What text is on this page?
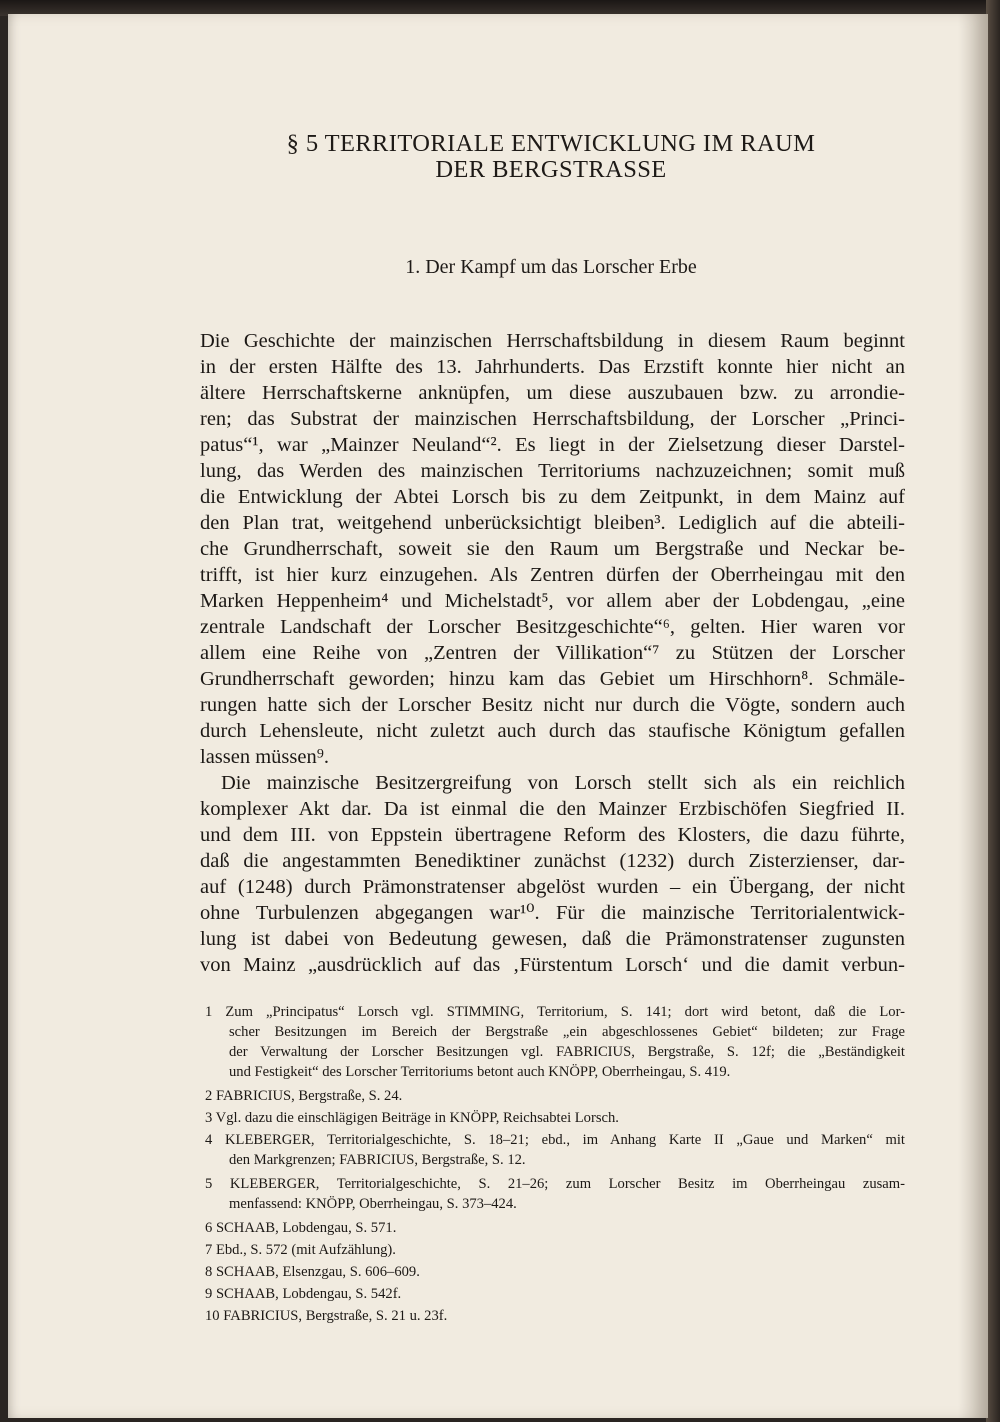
§ 5 TERRITORIALE ENTWICKLUNG IM RAUM
DER BERGSTRASSE
1. Der Kampf um das Lorscher Erbe
Die Geschichte der mainzischen Herrschaftsbildung in diesem Raum beginnt
in der ersten Hälfte des 13. Jahrhunderts. Das Erzstift konnte hier nicht an
ältere Herrschaftskerne anknüpfen, um diese auszubauen bzw. zu arrondie-
ren; das Substrat der mainzischen Herrschaftsbildung, der Lorscher „Princi-
patus“¹, war „Mainzer Neuland“². Es liegt in der Zielsetzung dieser Darstel-
lung, das Werden des mainzischen Territoriums nachzuzeichnen; somit muß
die Entwicklung der Abtei Lorsch bis zu dem Zeitpunkt, in dem Mainz auf
den Plan trat, weitgehend unberücksichtigt bleiben³. Lediglich auf die abteili-
che Grundherrschaft, soweit sie den Raum um Bergstraße und Neckar be-
trifft, ist hier kurz einzugehen. Als Zentren dürfen der Oberrheingau mit den
Marken Heppenheim⁴ und Michelstadt⁵, vor allem aber der Lobdengau, „eine
zentrale Landschaft der Lorscher Besitzgeschichte“⁶, gelten. Hier waren vor
allem eine Reihe von „Zentren der Villikation“⁷ zu Stützen der Lorscher
Grundherrschaft geworden; hinzu kam das Gebiet um Hirschhorn⁸. Schmäle-
rungen hatte sich der Lorscher Besitz nicht nur durch die Vögte, sondern auch
durch Lehensleute, nicht zuletzt auch durch das staufische Königtum gefallen
lassen müssen⁹.
Die mainzische Besitzergreifung von Lorsch stellt sich als ein reichlich
komplexer Akt dar. Da ist einmal die den Mainzer Erzbischöfen Siegfried II.
und dem III. von Eppstein übertragene Reform des Klosters, die dazu führte,
daß die angestammten Benediktiner zunächst (1232) durch Zisterzienser, dar-
auf (1248) durch Prämonstratenser abgelöst wurden – ein Übergang, der nicht
ohne Turbulenzen abgegangen war¹⁰. Für die mainzische Territorialentwick-
lung ist dabei von Bedeutung gewesen, daß die Prämonstratenser zugunsten
von Mainz „ausdrücklich auf das ‚Fürstentum Lorsch‘ und die damit verbun-
1 Zum „Principatus“ Lorsch vgl. STIMMING, Territorium, S. 141; dort wird betont, daß die Lor-
scher Besitzungen im Bereich der Bergstraße „ein abgeschlossenes Gebiet“ bildeten; zur Frage
der Verwaltung der Lorscher Besitzungen vgl. FABRICIUS, Bergstraße, S. 12f; die „Beständigkeit
und Festigkeit“ des Lorscher Territoriums betont auch KNÖPP, Oberrheingau, S. 419.
2 FABRICIUS, Bergstraße, S. 24.
3 Vgl. dazu die einschlägigen Beiträge in KNÖPP, Reichsabtei Lorsch.
4 KLEBERGER, Territorialgeschichte, S. 18–21; ebd., im Anhang Karte II „Gaue und Marken“ mit
den Markgrenzen; FABRICIUS, Bergstraße, S. 12.
5 KLEBERGER, Territorialgeschichte, S. 21–26; zum Lorscher Besitz im Oberrheingau zusam-
menfassend: KNÖPP, Oberrheingau, S. 373–424.
6 SCHAAB, Lobdengau, S. 571.
7 Ebd., S. 572 (mit Aufzählung).
8 SCHAAB, Elsenzgau, S. 606–609.
9 SCHAAB, Lobdengau, S. 542f.
10 FABRICIUS, Bergstraße, S. 21 u. 23f.
